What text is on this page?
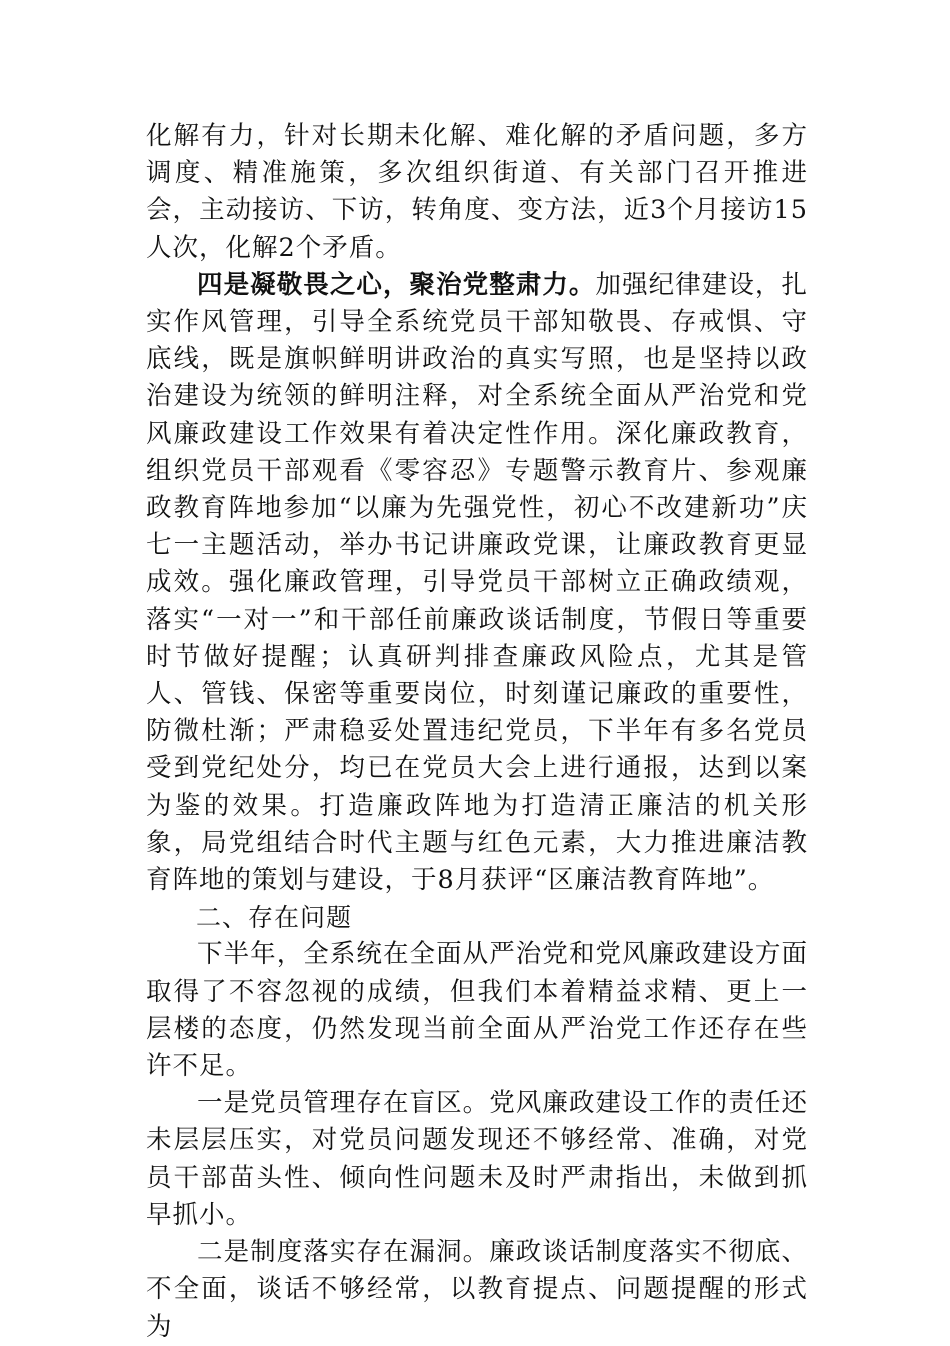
化解有力，针对长期未化解、难化解的矛盾问题，多方调度、精准施策，多次组织街道、有关部门召开推进会，主动接访、下访，转角度、变方法，近3个月接访15人次，化解2个矛盾。

四是凝敬畏之心，聚治党整肃力。加强纪律建设，扎实作风管理，引导全系统党员干部知敬畏、存戒惧、守底线，既是旗帜鲜明讲政治的真实写照，也是坚持以政治建设为统领的鲜明注释，对全系统全面从严治党和党风廉政建设工作效果有着决定性作用。深化廉政教育，组织党员干部观看《零容忍》专题警示教育片、参观廉政教育阵地参加“以廉为先强党性，初心不改建新功”庆七一主题活动，举办书记讲廉政党课，让廉政教育更显成效。强化廉政管理，引导党员干部树立正确政绩观，落实“一对一”和干部任前廉政谈话制度，节假日等重要时节做好提醒；认真研判排查廉政风险点，尤其是管人、管钱、保密等重要岗位，时刻谨记廉政的重要性，防微杜渐；严肃稳妥处置违纪党员，下半年有多名党员受到党纪处分，均已在党员大会上进行通报，达到以案为鉴的效果。打造廉政阵地为打造清正廉洁的机关形象，局党组结合时代主题与红色元素，大力推进廉洁教育阵地的策划与建设，于8月获评“区廉洁教育阵地”。

二、存在问题

下半年，全系统在全面从严治党和党风廉政建设方面取得了不容忽视的成绩，但我们本着精益求精、更上一层楼的态度，仍然发现当前全面从严治党工作还存在些许不足。

一是党员管理存在盲区。党风廉政建设工作的责任还未层层压实，对党员问题发现还不够经常、准确，对党员干部苗头性、倾向性问题未及时严肃指出，未做到抓早抓小。

二是制度落实存在漏洞。廉政谈话制度落实不彻底、不全面，谈话不够经常，以教育提点、问题提醒的形式为
